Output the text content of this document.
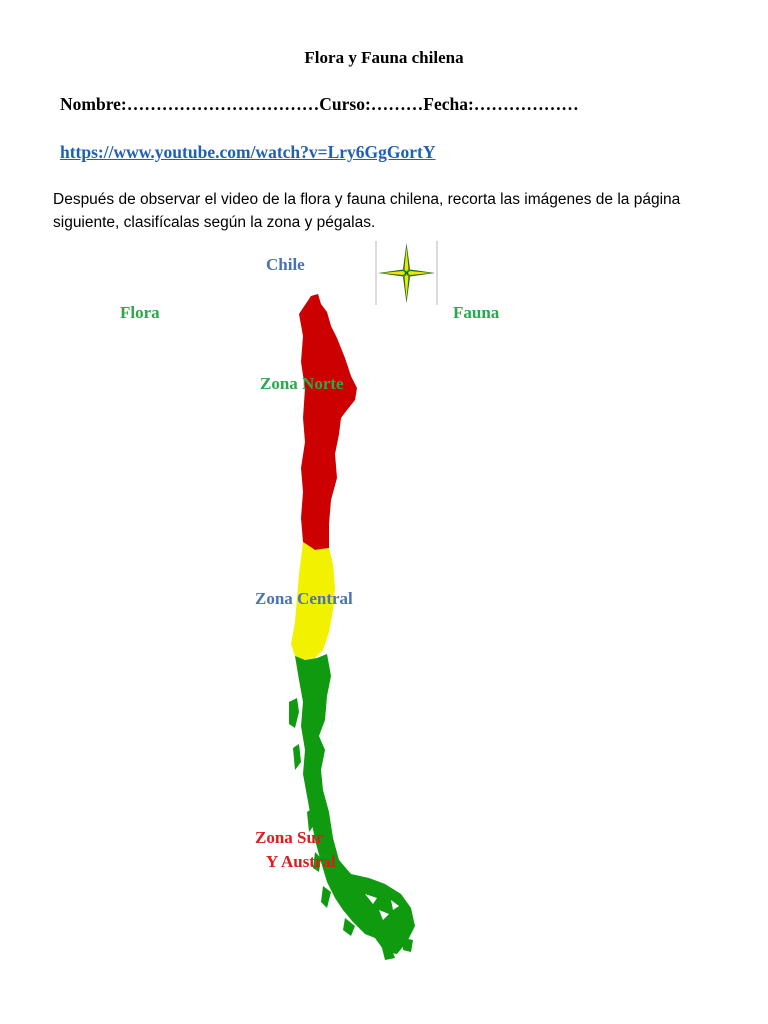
Flora y Fauna chilena
Nombre:……………………………Curso:………Fecha:………………
https://www.youtube.com/watch?v=Lry6GgGortY
Después de observar el video de la flora y fauna chilena, recorta las imágenes de la página siguiente, clasifícalas según la zona y pégalas.
Chile
Flora	Fauna
Zona Norte
Zona Central
Zona Sur
Y Austral
